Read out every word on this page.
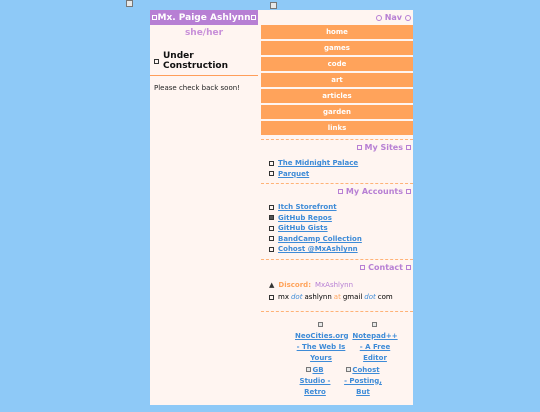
Mx. Paige Ashlynn
she/her
Under Construction
Please check back soon!
Nav
home
games
code
art
articles
garden
links
My Sites
The Midnight Palace
Parquet
My Accounts
Itch Storefront
GitHub Repos
GitHub Gists
BandCamp Collection
Cohost @MxAshlynn
Contact
▲ Discord: MxAshlynn
mx dot ashlynn at gmail dot com
NeoCities.org
- The Web Is
Yours
Notepad++
- A Free
Editor
GB
Studio -
Retro
Cohost
- Posting,
But
